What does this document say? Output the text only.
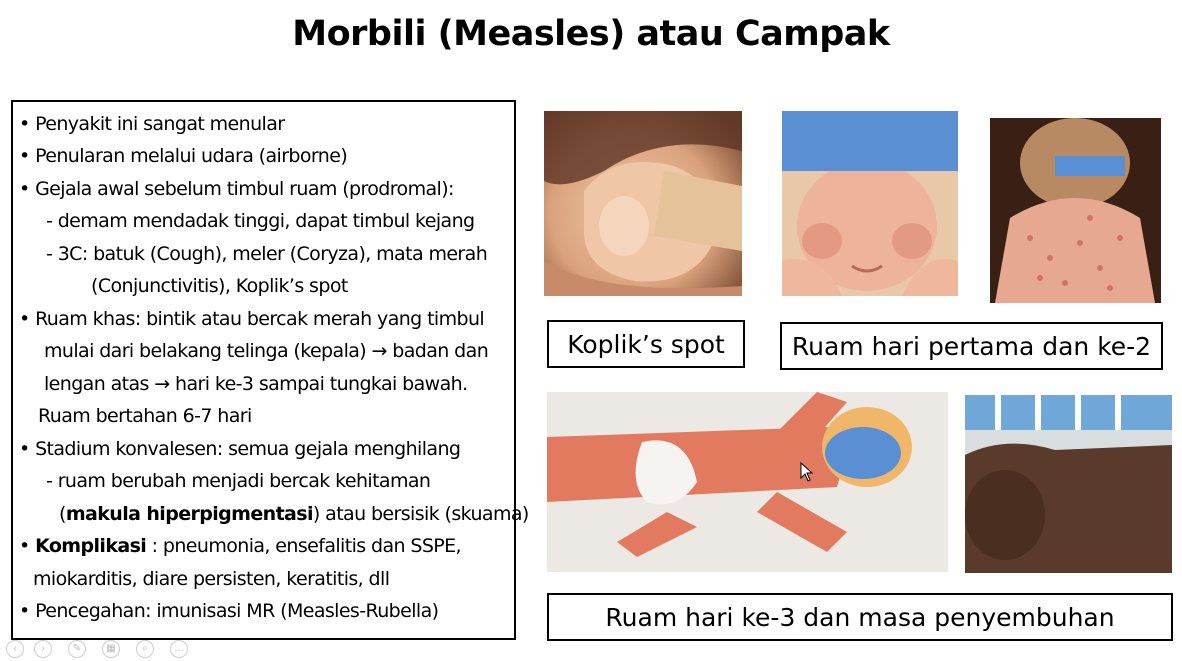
Morbili (Measles) atau Campak
• Penyakit ini sangat menular
• Penularan melalui udara (airborne)
• Gejala awal sebelum timbul ruam (prodromal):
- demam mendadak tinggi, dapat timbul kejang
- 3C: batuk (Cough), meler (Coryza), mata merah
(Conjunctivitis), Koplik’s spot
• Ruam khas: bintik atau bercak merah yang timbul
mulai dari belakang telinga (kepala) → badan dan
lengan atas → hari ke-3 sampai tungkai bawah.
Ruam bertahan 6-7 hari
• Stadium konvalesen: semua gejala menghilang
- ruam berubah menjadi bercak kehitaman
(makula hiperpigmentasi) atau bersisik (skuama)
• Komplikasi : pneumonia, ensefalitis dan SSPE,
miokarditis, diare persisten, keratitis, dll
• Pencegahan: imunisasi MR (Measles-Rubella)
Koplik’s spot	Ruam hari pertama dan ke-2
Ruam hari ke-3 dan masa penyembuhan
‹	›	✎	▦	⌕	…
